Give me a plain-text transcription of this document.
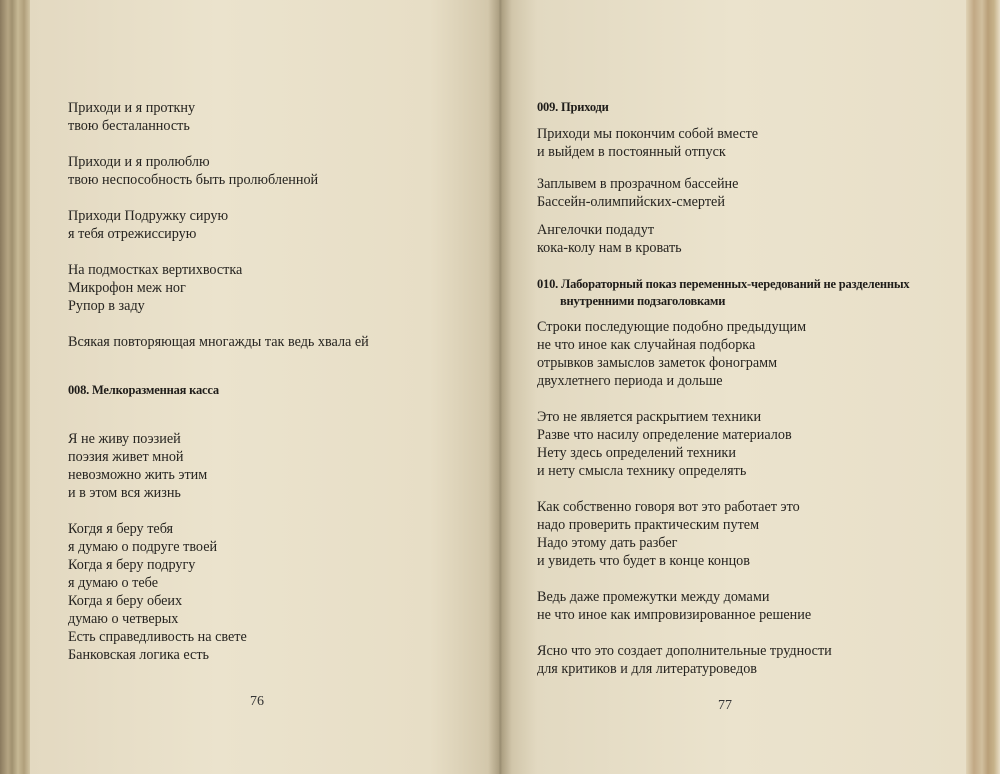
Приходи и я проткну
твою бесталанность
Приходи и я пролюблю
твою неспособность быть пролюбленной
Приходи Подружку сирую
я тебя отрежиссирую
На подмостках вертихвостка
Микрофон меж ног
Рупор в заду
Всякая повторяющая многажды так ведь хвала ей
008. Мелкоразменная касса
Я не живу поэзией
поэзия живет мной
невозможно жить этим
и в этом вся жизнь
Когдя я беру тебя
я думаю о подруге твоей
Когда я беру подругу
я думаю о тебе
Когда я беру обеих
думаю о четверых
Есть справедливость на свете
Банковская логика есть
76
009. Приходи
Приходи мы покончим собой вместе
и выйдем в постоянный отпуск
Заплывем в прозрачном бассейне
Бассейн-олимпийских-смертей
Ангелочки подадут
кока-колу нам в кровать
010. Лабораторный показ переменных-чередований не разделенных
внутренними подзаголовками
Строки последующие подобно предыдущим
не что иное как случайная подборка
отрывков замыслов заметок фонограмм
двухлетнего периода и дольше
Это не является раскрытием техники
Разве что насилу определение материалов
Нету здесь определений техники
и нету смысла технику определять
Как собственно говоря вот это работает это
надо проверить практическим путем
Надо этому дать разбег
и увидеть что будет в конце концов
Ведь даже промежутки между домами
не что иное как импровизированное решение
Ясно что это создает дополнительные трудности
для критиков и для литературоведов
77
